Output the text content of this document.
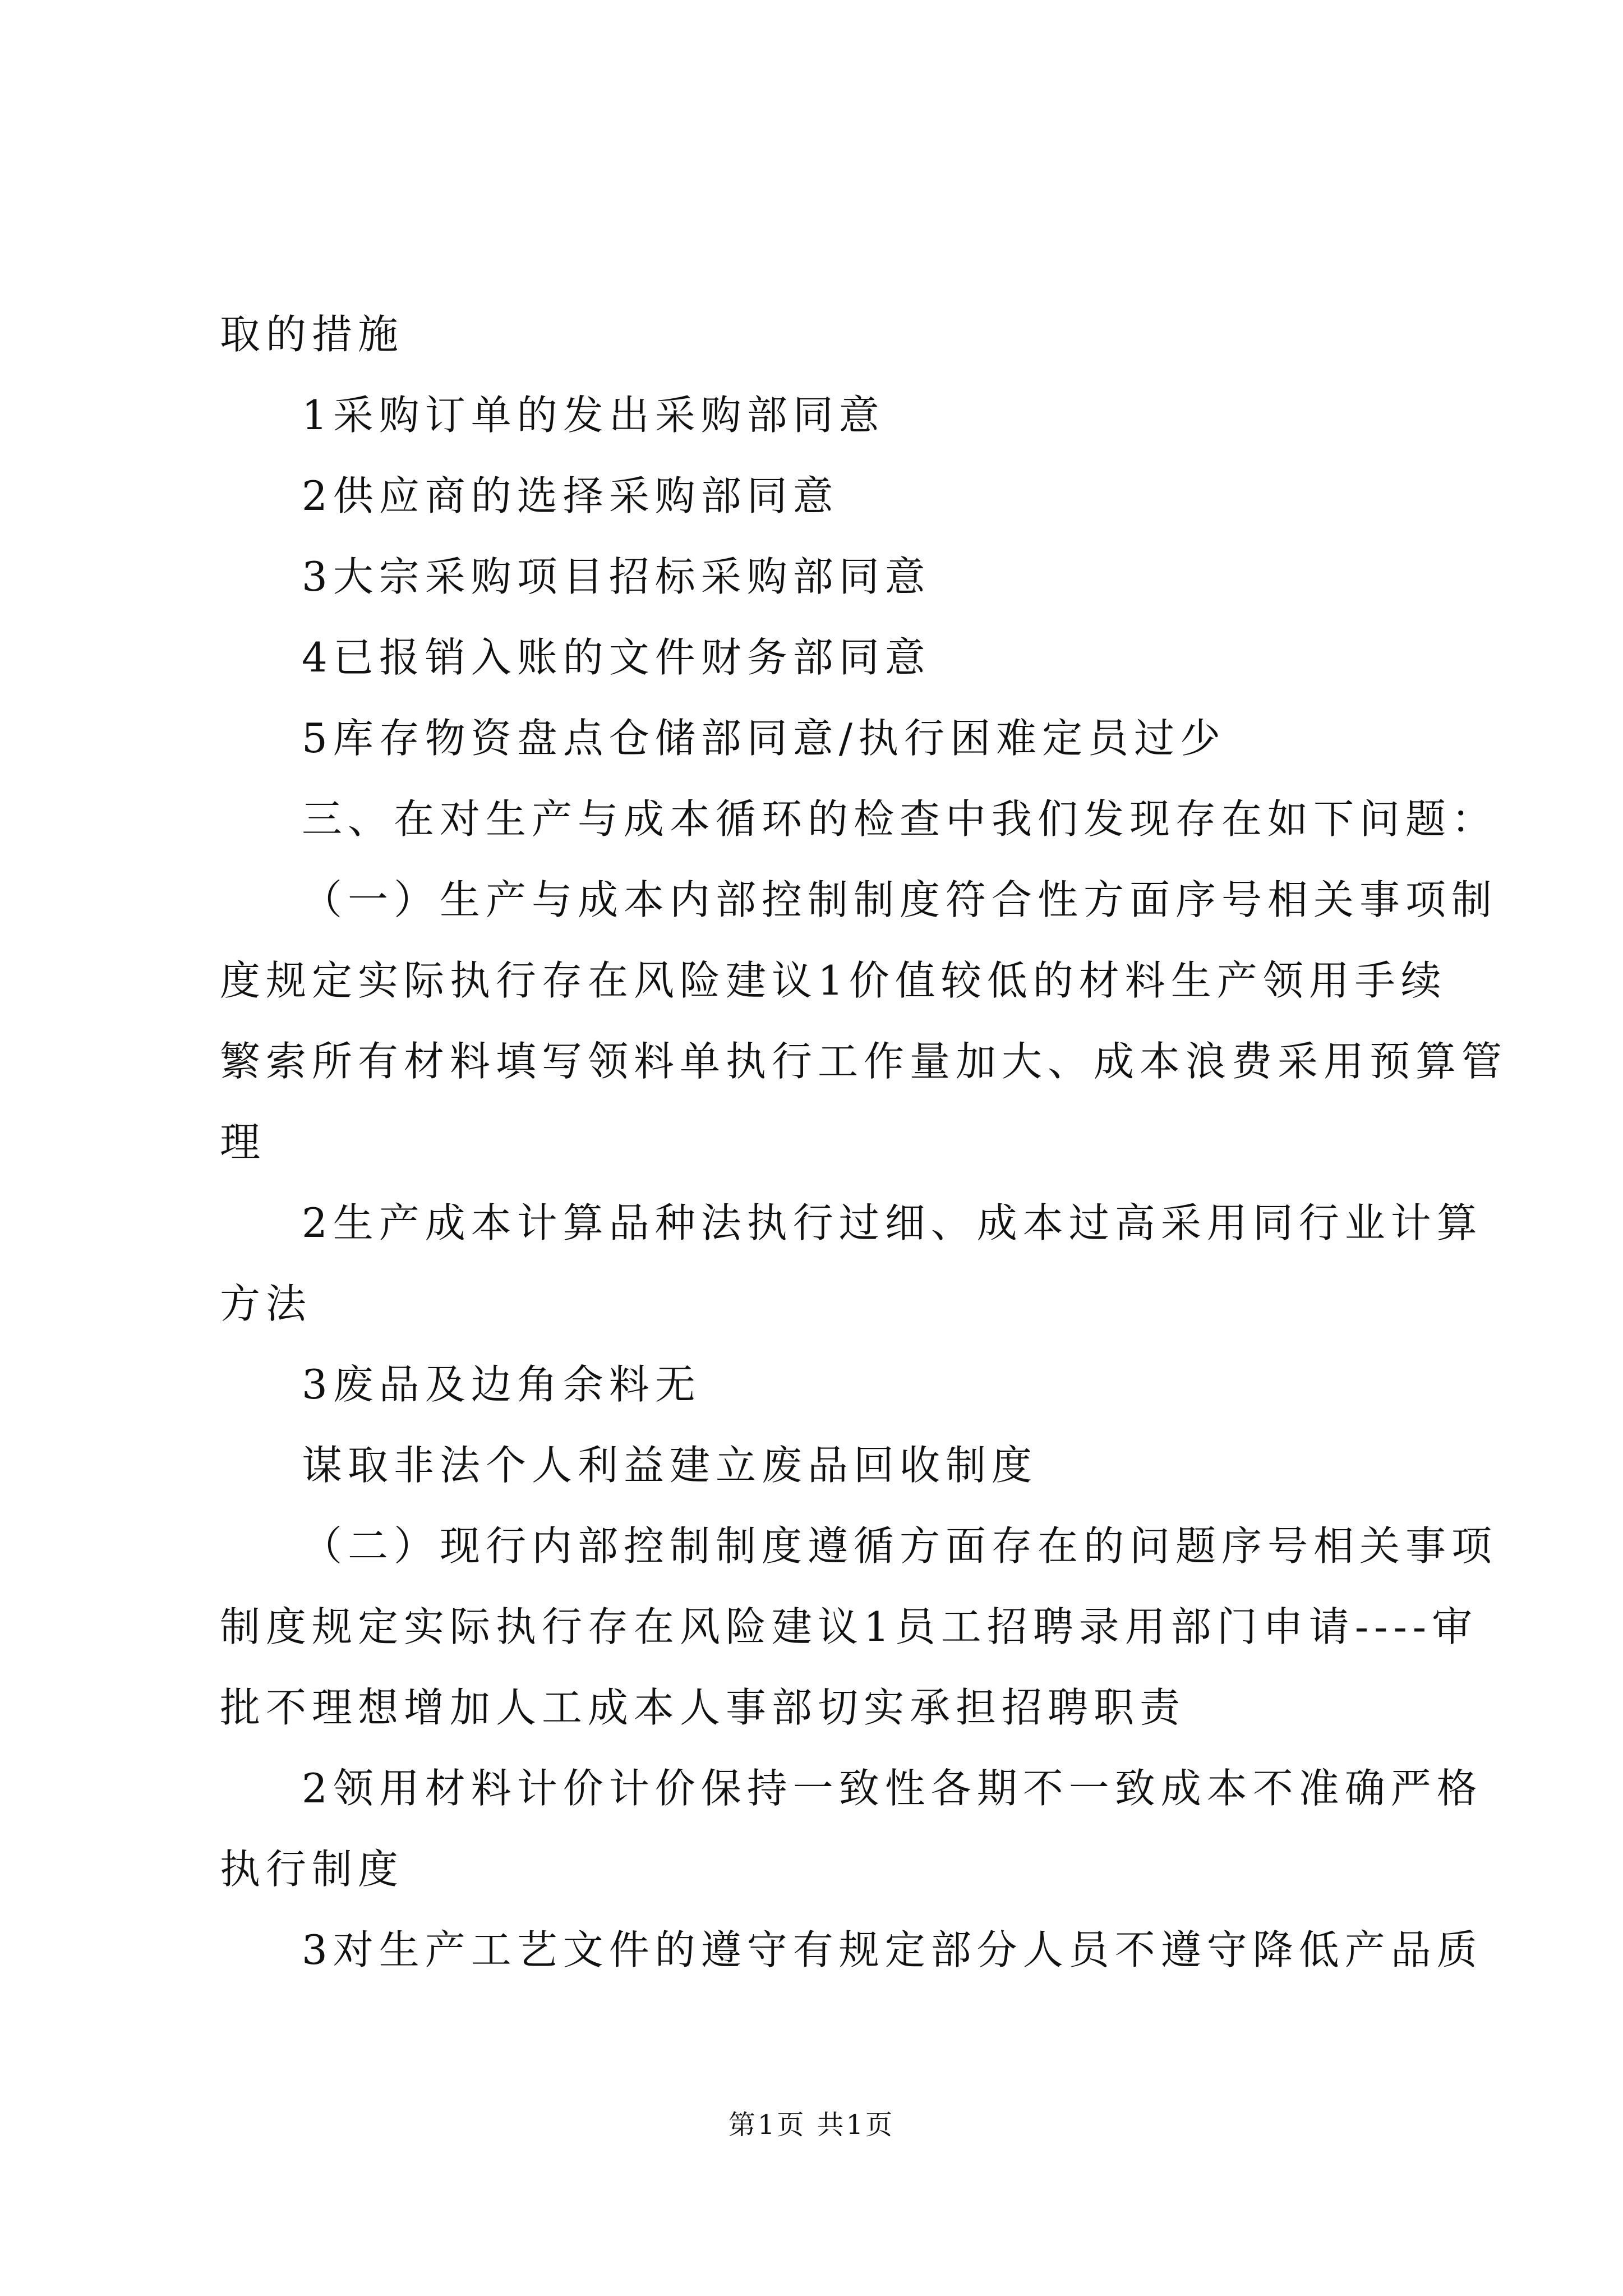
取的措施
1采购订单的发出采购部同意
2供应商的选择采购部同意
3大宗采购项目招标采购部同意
4已报销入账的文件财务部同意
5库存物资盘点仓储部同意/执行困难定员过少
三、在对生产与成本循环的检查中我们发现存在如下问题：
（一）生产与成本内部控制制度符合性方面序号相关事项制
度规定实际执行存在风险建议1价值较低的材料生产领用手续
繁索所有材料填写领料单执行工作量加大、成本浪费采用预算管
理
2生产成本计算品种法执行过细、成本过高采用同行业计算
方法
3废品及边角余料无
谋取非法个人利益建立废品回收制度
（二）现行内部控制制度遵循方面存在的问题序号相关事项
制度规定实际执行存在风险建议1员工招聘录用部门申请----审
批不理想增加人工成本人事部切实承担招聘职责
2领用材料计价计价保持一致性各期不一致成本不准确严格
执行制度
3对生产工艺文件的遵守有规定部分人员不遵守降低产品质
第1页 共1页
